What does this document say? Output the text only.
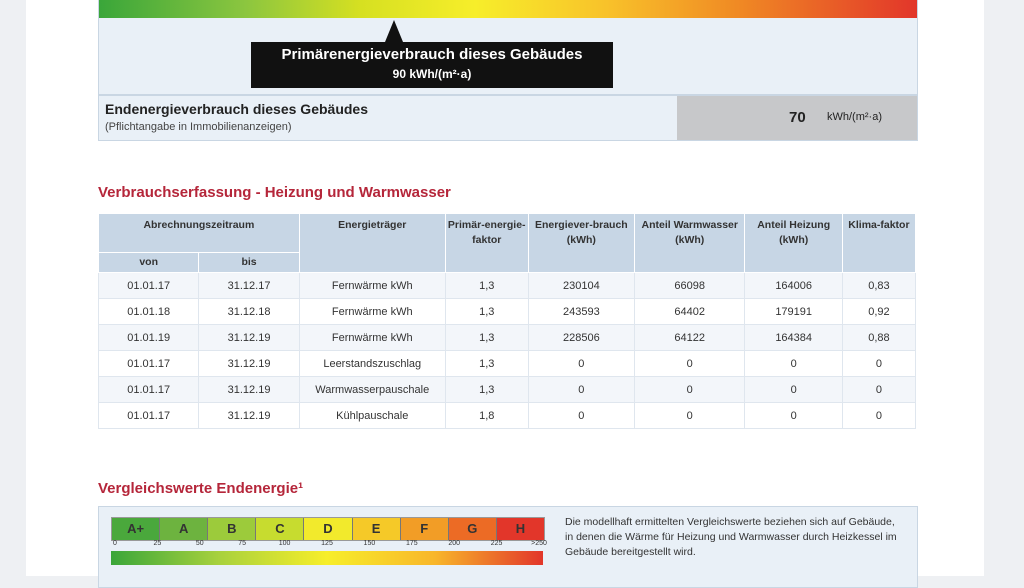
Primärenergieverbrauch dieses Gebäudes
90 kWh/(m²·a)
Endenergieverbrauch dieses Gebäudes
(Pflichtangabe in Immobilienanzeigen)
70 kWh/(m²·a)
Verbrauchserfassung - Heizung und Warmwasser
Abrechnungszeitraum		Energieträger	Primär-energie-faktor	Energiever-brauch (kWh)	Anteil Warmwasser (kWh)	Anteil Heizung (kWh)	Klima-faktor
von	bis						
01.01.17	31.12.17	Fernwärme kWh	1,3	230104	66098	164006	0,83
01.01.18	31.12.18	Fernwärme kWh	1,3	243593	64402	179191	0,92
01.01.19	31.12.19	Fernwärme kWh	1,3	228506	64122	164384	0,88
01.01.17	31.12.19	Leerstandszuschlag	1,3	0	0	0	0
01.01.17	31.12.19	Warmwasserpauschale	1,3	0	0	0	0
01.01.17	31.12.19	Kühlpauschale	1,8	0	0	0	0
Vergleichswerte Endenergie¹
A+	A	B	C	D	E	F	G	H
0	25	50	75	100	125	150	175	200	225	>250
Die modellhaft ermittelten Vergleichswerte beziehen sich auf Gebäude, in denen die Wärme für Heizung und Warmwasser durch Heizkessel im Gebäude bereitgestellt wird.
